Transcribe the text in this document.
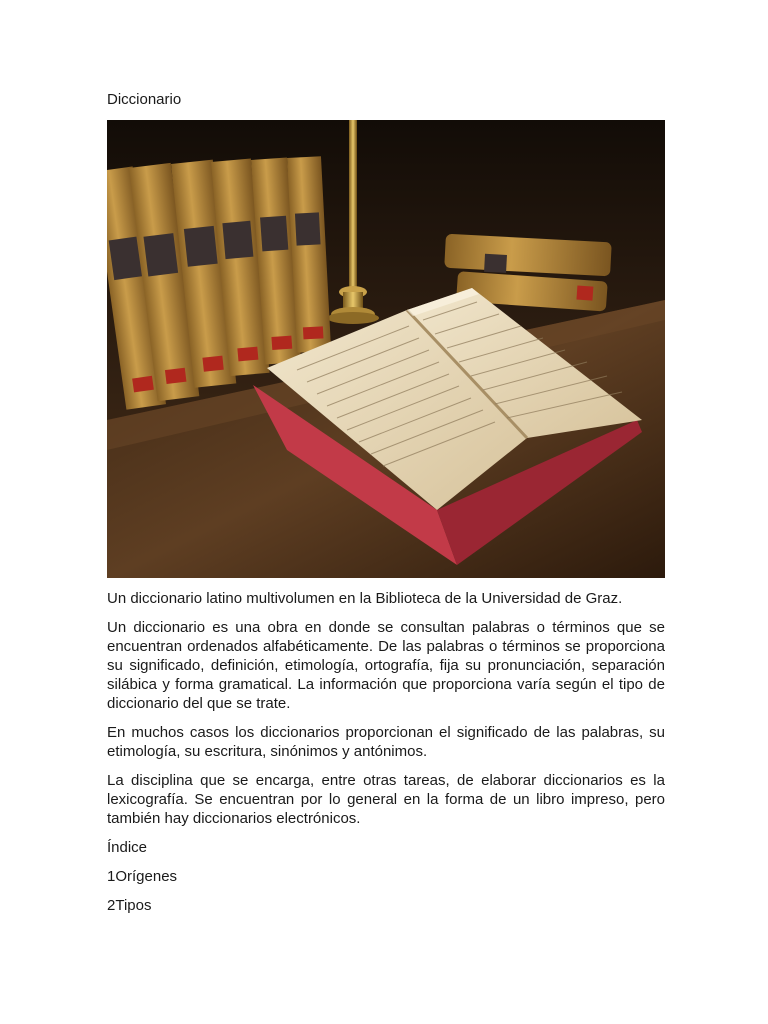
Diccionario

Un diccionario latino multivolumen en la Biblioteca de la Universidad de Graz.

Un diccionario es una obra en donde se consultan palabras o términos que se encuentran ordenados alfabéticamente. De las palabras o términos se proporciona su significado, definición, etimología, ortografía, fija su pronunciación, separación silábica y forma gramatical. La información que proporciona varía según el tipo de diccionario del que se trate.

En muchos casos los diccionarios proporcionan el significado de las palabras, su etimología, su escritura, sinónimos y antónimos.

La disciplina que se encarga, entre otras tareas, de elaborar diccionarios es la lexicografía. Se encuentran por lo general en la forma de un libro impreso, pero también hay diccionarios electrónicos.

Índice

1Orígenes

2Tipos
